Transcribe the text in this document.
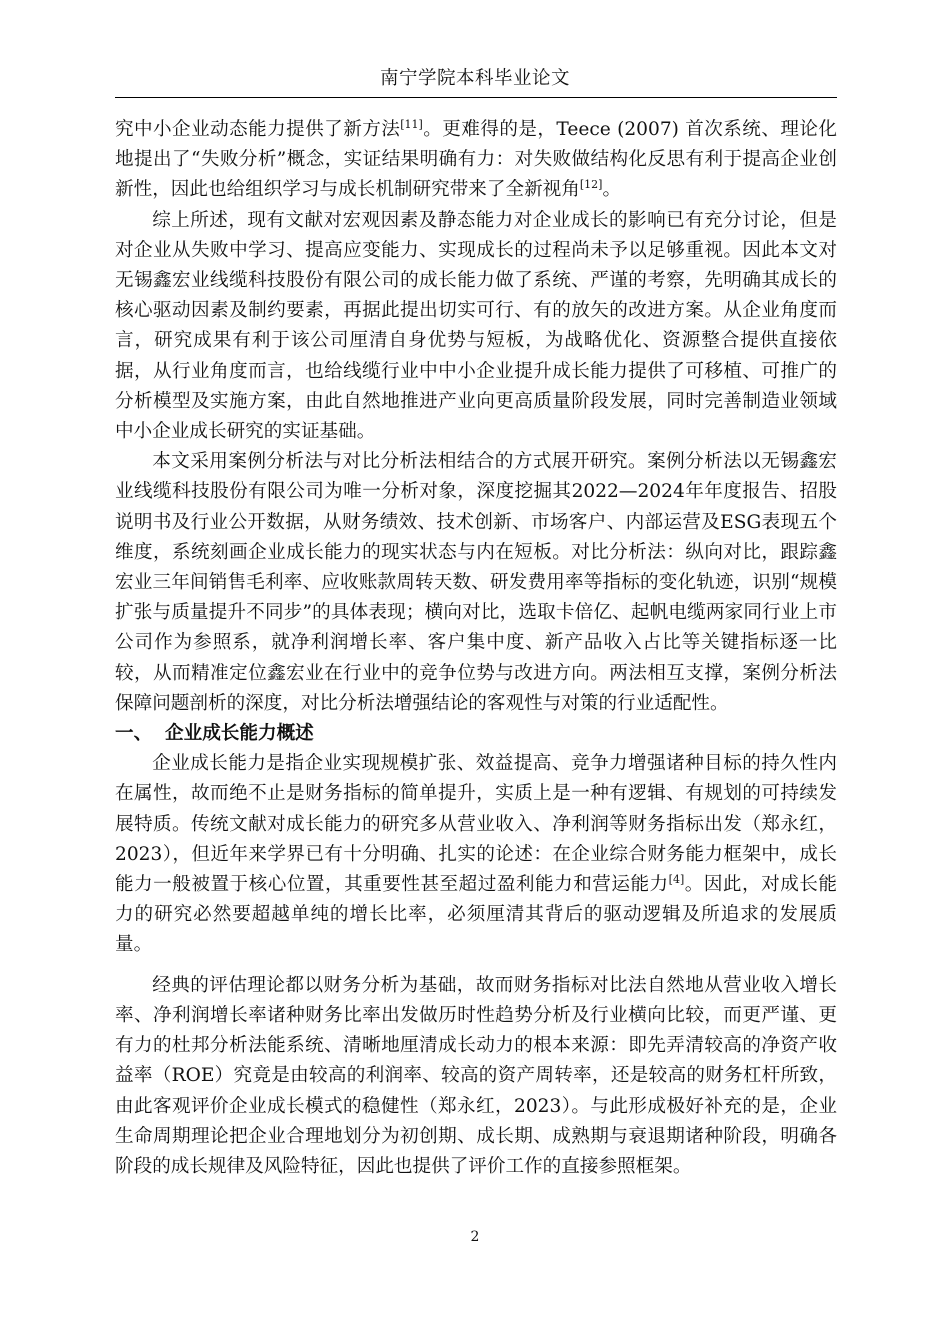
南宁学院本科毕业论文

究中小企业动态能力提供了新方法[11]。更难得的是，Teece (2007) 首次系统、理论化地提出了“失败分析”概念，实证结果明确有力：对失败做结构化反思有利于提高企业创新性，因此也给组织学习与成长机制研究带来了全新视角[12]。

综上所述，现有文献对宏观因素及静态能力对企业成长的影响已有充分讨论，但是对企业从失败中学习、提高应变能力、实现成长的过程尚未予以足够重视。因此本文对无锡鑫宏业线缆科技股份有限公司的成长能力做了系统、严谨的考察，先明确其成长的核心驱动因素及制约要素，再据此提出切实可行、有的放矢的改进方案。从企业角度而言，研究成果有利于该公司厘清自身优势与短板，为战略优化、资源整合提供直接依据，从行业角度而言，也给线缆行业中中小企业提升成长能力提供了可移植、可推广的分析模型及实施方案，由此自然地推进产业向更高质量阶段发展，同时完善制造业领域中小企业成长研究的实证基础。

本文采用案例分析法与对比分析法相结合的方式展开研究。案例分析法以无锡鑫宏业线缆科技股份有限公司为唯一分析对象，深度挖掘其2022—2024年年度报告、招股说明书及行业公开数据，从财务绩效、技术创新、市场客户、内部运营及ESG表现五个维度，系统刻画企业成长能力的现实状态与内在短板。对比分析法：纵向对比，跟踪鑫宏业三年间销售毛利率、应收账款周转天数、研发费用率等指标的变化轨迹，识别“规模扩张与质量提升不同步”的具体表现；横向对比，选取卡倍亿、起帆电缆两家同行业上市公司作为参照系，就净利润增长率、客户集中度、新产品收入占比等关键指标逐一比较，从而精准定位鑫宏业在行业中的竞争位势与改进方向。两法相互支撑，案例分析法保障问题剖析的深度，对比分析法增强结论的客观性与对策的行业适配性。

一、 企业成长能力概述

企业成长能力是指企业实现规模扩张、效益提高、竞争力增强诸种目标的持久性内在属性，故而绝不止是财务指标的简单提升，实质上是一种有逻辑、有规划的可持续发展特质。传统文献对成长能力的研究多从营业收入、净利润等财务指标出发（郑永红，2023），但近年来学界已有十分明确、扎实的论述：在企业综合财务能力框架中，成长能力一般被置于核心位置，其重要性甚至超过盈利能力和营运能力[4]。因此，对成长能力的研究必然要超越单纯的增长比率，必须厘清其背后的驱动逻辑及所追求的发展质量。

经典的评估理论都以财务分析为基础，故而财务指标对比法自然地从营业收入增长率、净利润增长率诸种财务比率出发做历时性趋势分析及行业横向比较，而更严谨、更有力的杜邦分析法能系统、清晰地厘清成长动力的根本来源：即先弄清较高的净资产收益率（ROE）究竟是由较高的利润率、较高的资产周转率，还是较高的财务杠杆所致，由此客观评价企业成长模式的稳健性（郑永红，2023）。与此形成极好补充的是，企业生命周期理论把企业合理地划分为初创期、成长期、成熟期与衰退期诸种阶段，明确各阶段的成长规律及风险特征，因此也提供了评价工作的直接参照框架。

2
